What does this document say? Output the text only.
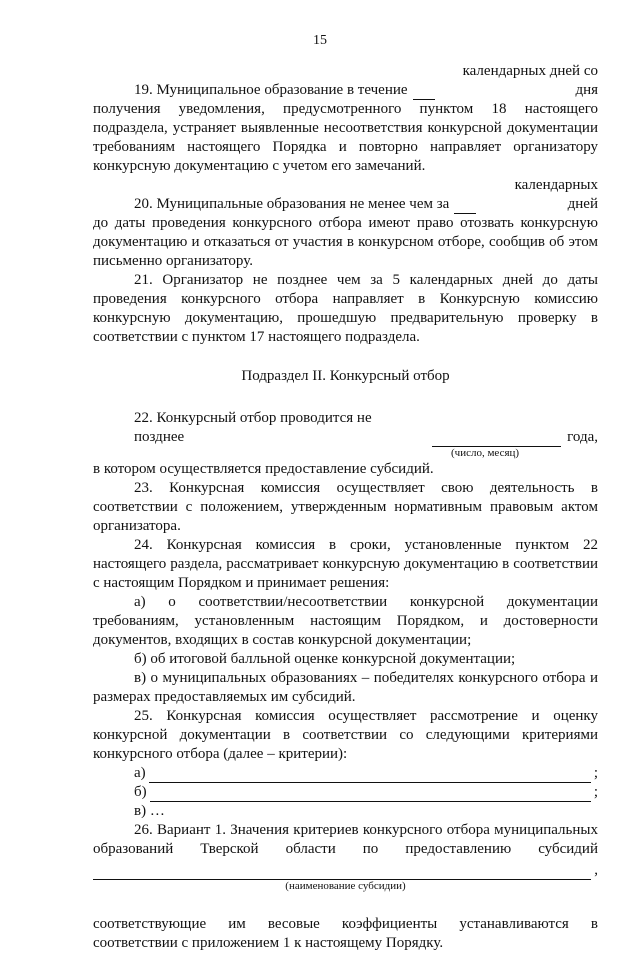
15
19. Муниципальное образование в течение
календарных дней со дня

получения уведомления, предусмотренного пунктом 18 настоящего подраздела, устраняет выявленные несоответствия конкурсной документации требованиям настоящего Порядка и повторно направляет организатору конкурсную документацию с учетом его замечаний.

20. Муниципальные образования не менее чем за
календарных дней

до даты проведения конкурсного отбора имеют право отозвать конкурсную документацию и отказаться от участия в конкурсном отборе, сообщив об этом письменно организатору.

21. Организатор не позднее чем за 5 календарных дней до даты проведения конкурсного отбора направляет в Конкурсную комиссию конкурсную документацию, прошедшую предварительную проверку в соответствии с пунктом 17 настоящего подраздела.

Подраздел II. Конкурсный отбор
22. Конкурсный отбор проводится не позднее	года,
(число, месяц)

в котором осуществляется предоставление субсидий.

23. Конкурсная комиссия осуществляет свою деятельность в соответствии с положением, утвержденным нормативным правовым актом организатора.

24. Конкурсная комиссия в сроки, установленные пунктом 22 настоящего раздела, рассматривает конкурсную документацию в соответствии с настоящим Порядком и принимает решения:

а) о соответствии/несоответствии конкурсной документации требованиям, установленным настоящим Порядком, и достоверности документов, входящих в состав конкурсной документации;

б) об итоговой балльной оценке конкурсной документации;

в) о муниципальных образованиях – победителях конкурсного отбора и размерах предоставляемых им субсидий.

25. Конкурсная комиссия осуществляет рассмотрение и оценку конкурсной документации в соответствии со следующими критериями конкурсного отбора (далее – критерии):

а)	;
б)	;

в) …

26. Вариант 1. Значения критериев конкурсного отбора муниципальных

образований Тверской области по предоставлению субсидий

,
(наименование субсидии)

соответствующие им весовые коэффициенты устанавливаются в

соответствии с приложением 1 к настоящему Порядку.
